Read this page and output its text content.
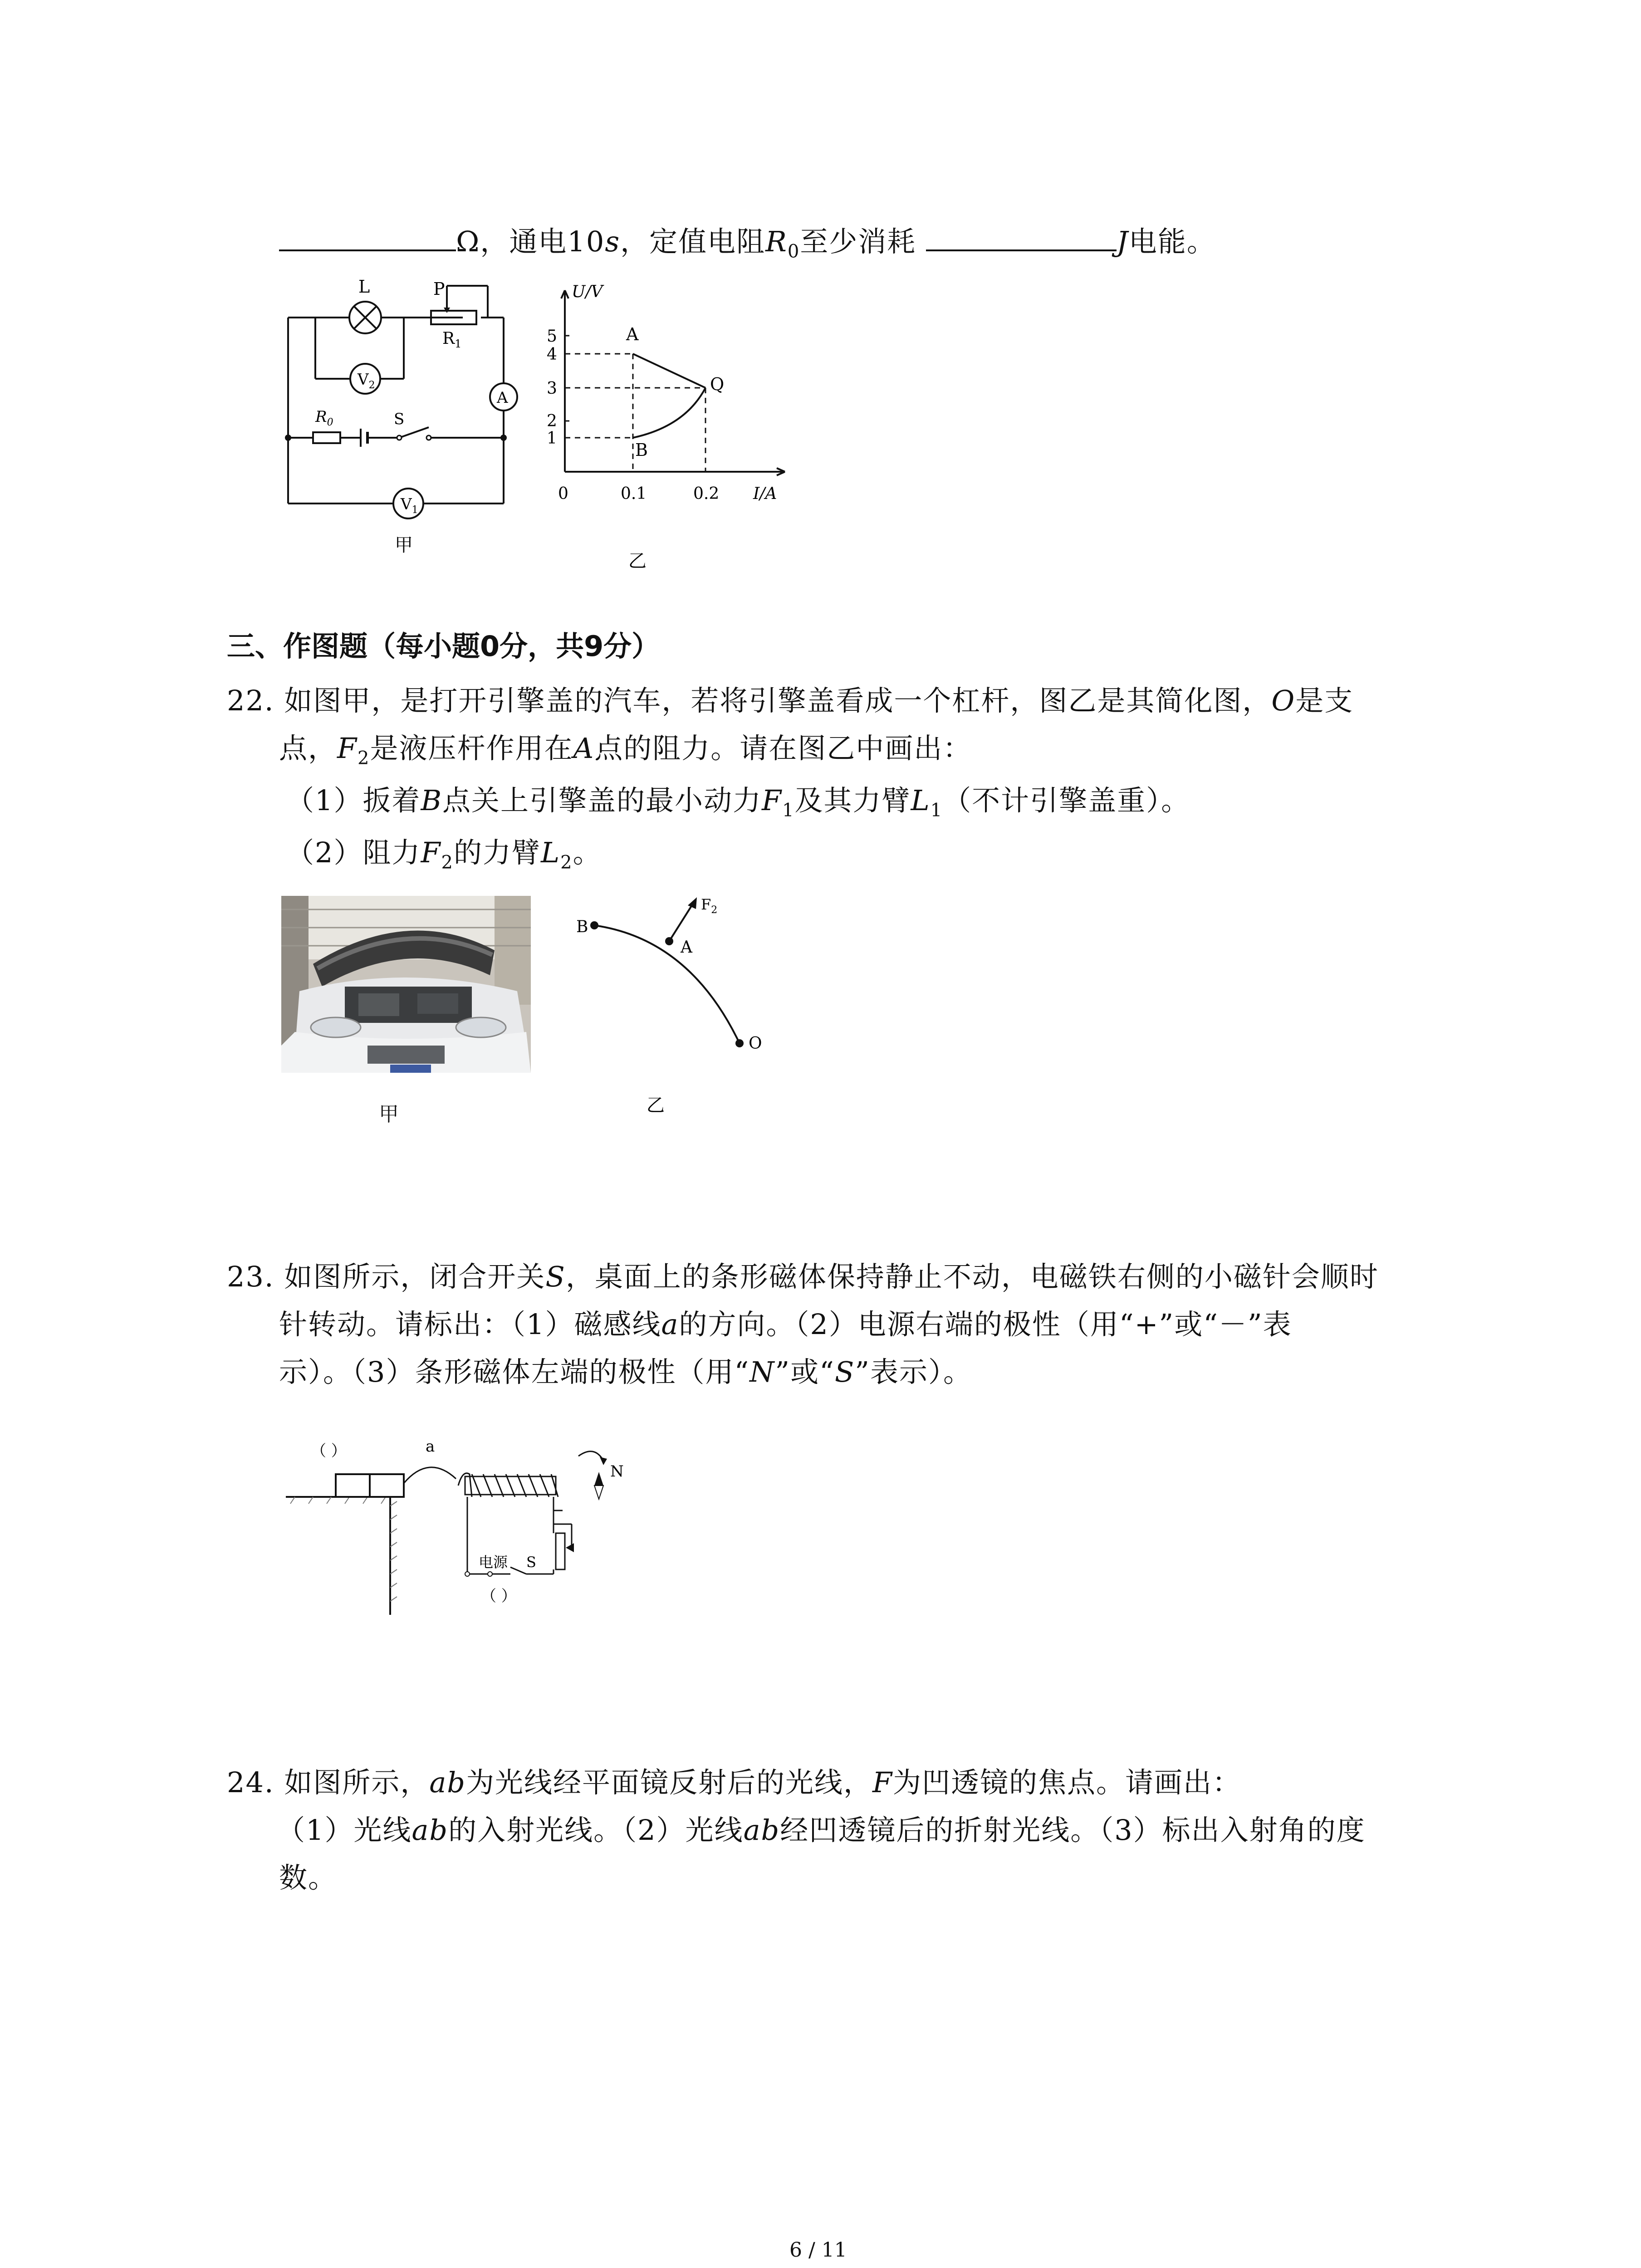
Ω，通电10s，定值电阻$R_0$至少消耗	J电能。
L	P
$R_1$
$V_2$
A
$R_0$	S
$V_1$
甲
U/V
I/A
5
4
3
2
1
0	0.1	0.2
A
B
Q
乙
三、作图题（每小题0分，共9分）
22. 如图甲，是打开引擎盖的汽车，若将引擎盖看成一个杠杆，图乙是其简化图，O是支
点，$F_2$是液压杆作用在A点的阻力。请在图乙中画出：
（1）扳着B点关上引擎盖的最小动力$F_1$及其力臂$L_1$（不计引擎盖重）。
（2）阻力$F_2$的力臂$L_2$。
甲
B
A
O
$F_2$
乙
23. 如图所示，闭合开关S，桌面上的条形磁体保持静止不动，电磁铁右侧的小磁针会顺时
针转动。请标出：（1）磁感线a的方向。（2）电源右端的极性（用“+”或“－”表
示）。（3）条形磁体左端的极性（用“N”或“S”表示）。
（ ）	a
N
电源 S
（ ）
24. 如图所示，ab为光线经平面镜反射后的光线，F为凹透镜的焦点。请画出：
（1）光线ab的入射光线。（2）光线ab经凹透镜后的折射光线。（3）标出入射角的度
数。
6 / 11
